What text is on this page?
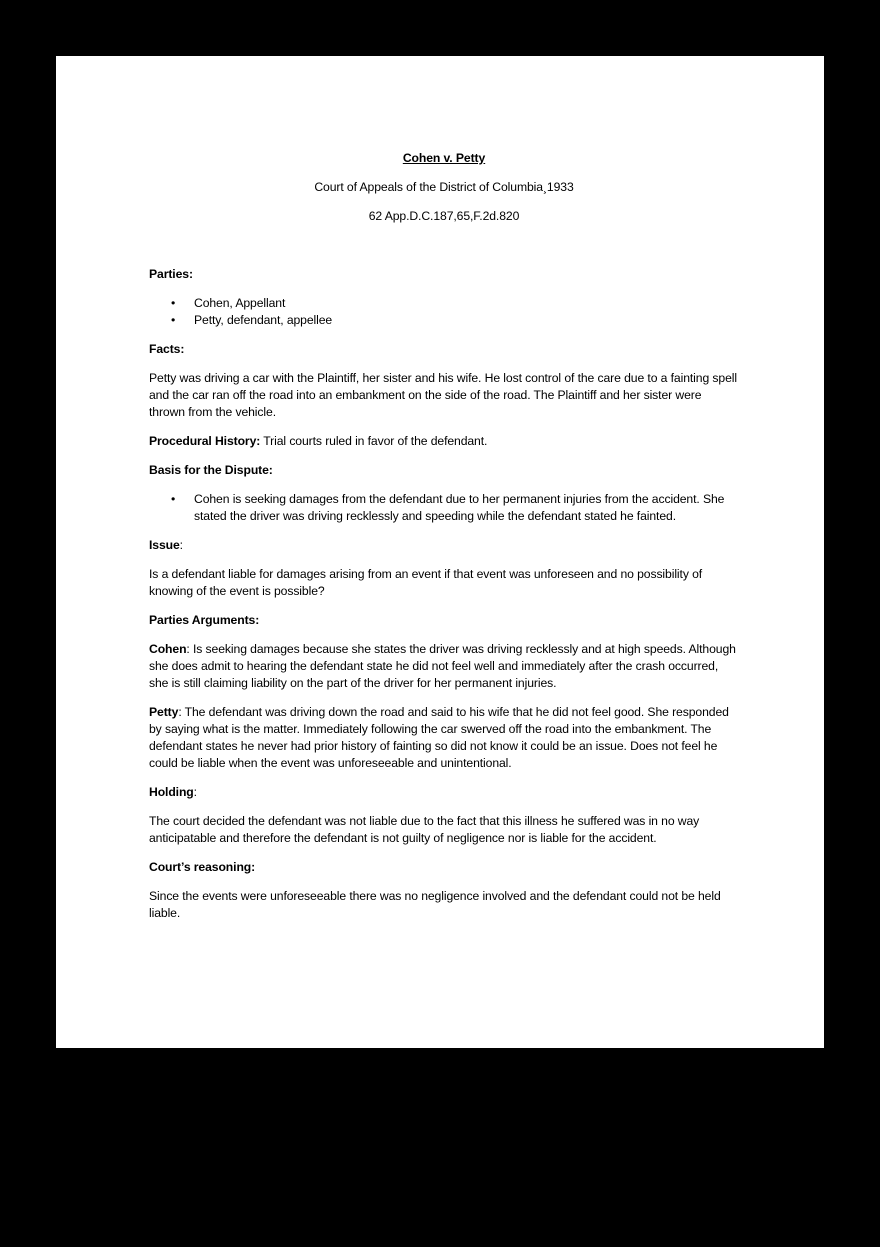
Cohen v. Petty

Court of Appeals of the District of Columbia¸1933

62 App.D.C.187,65,F.2d.820

Parties:

• Cohen, Appellant
• Petty, defendant, appellee

Facts:

Petty was driving a car with the Plaintiff, her sister and his wife. He lost control of the care due to a fainting spell and the car ran off the road into an embankment on the side of the road. The Plaintiff and her sister were thrown from the vehicle.

Procedural History: Trial courts ruled in favor of the defendant.

Basis for the Dispute:

• Cohen is seeking damages from the defendant due to her permanent injuries from the accident. She stated the driver was driving recklessly and speeding while the defendant stated he fainted.

Issue:

Is a defendant liable for damages arising from an event if that event was unforeseen and no possibility of knowing of the event is possible?

Parties Arguments:

Cohen: Is seeking damages because she states the driver was driving recklessly and at high speeds. Although she does admit to hearing the defendant state he did not feel well and immediately after the crash occurred, she is still claiming liability on the part of the driver for her permanent injuries.

Petty: The defendant was driving down the road and said to his wife that he did not feel good. She responded by saying what is the matter. Immediately following the car swerved off the road into the embankment. The defendant states he never had prior history of fainting so did not know it could be an issue. Does not feel he could be liable when the event was unforeseeable and unintentional.

Holding:

The court decided the defendant was not liable due to the fact that this illness he suffered was in no way anticipatable and therefore the defendant is not guilty of negligence nor is liable for the accident.

Court’s reasoning:

Since the events were unforeseeable there was no negligence involved and the defendant could not be held liable.
